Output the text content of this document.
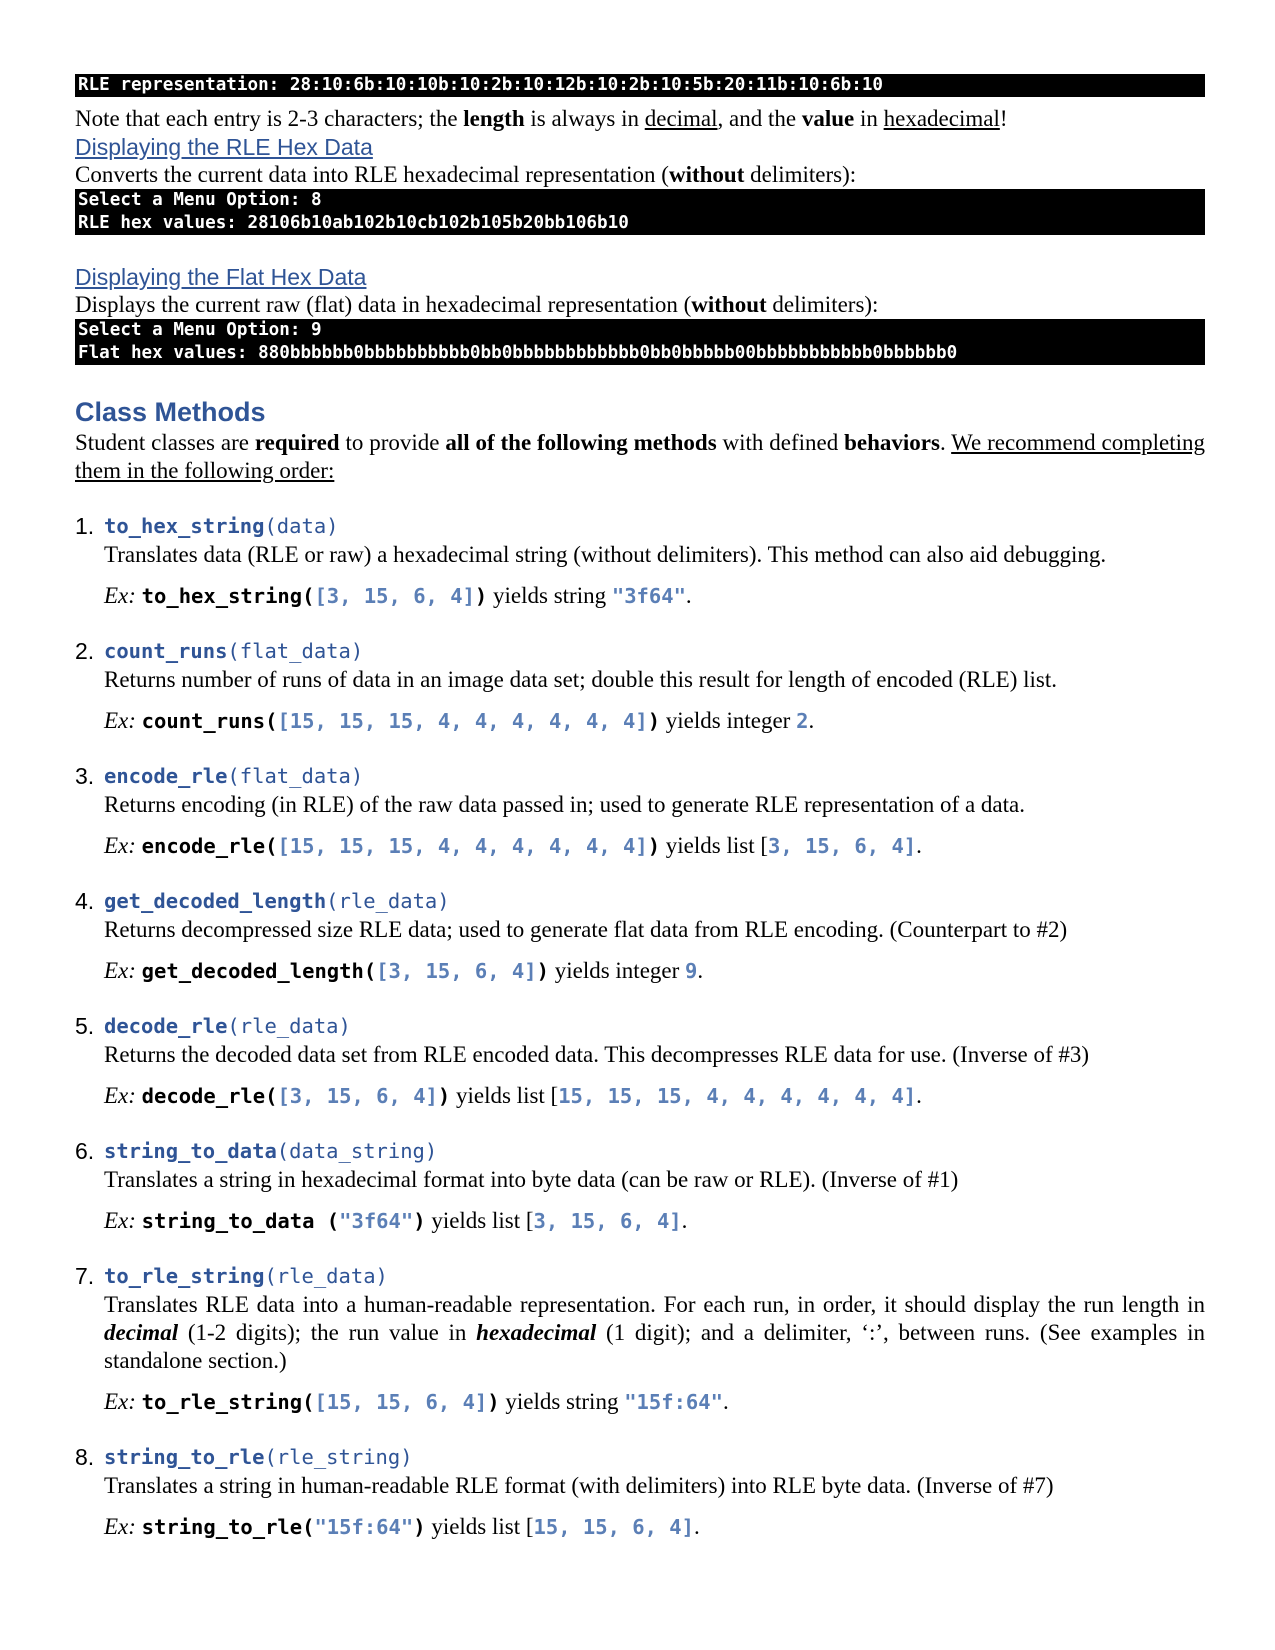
RLE representation: 28:10:6b:10:10b:10:2b:10:12b:10:2b:10:5b:20:11b:10:6b:10
Note that each entry is 2-3 characters; the length is always in decimal, and the value in hexadecimal!
Displaying the RLE Hex Data
Converts the current data into RLE hexadecimal representation (without delimiters):
Select a Menu Option: 8
RLE hex values: 28106b10ab102b10cb102b105b20bb106b10
Displaying the Flat Hex Data
Displays the current raw (flat) data in hexadecimal representation (without delimiters):
Select a Menu Option: 9
Flat hex values: 880bbbbbb0bbbbbbbbbb0bb0bbbbbbbbbbbb0bb0bbbbb00bbbbbbbbbbb0bbbbbb0
Class Methods
Student classes are required to provide all of the following methods with defined behaviors. We recommend completing them in the following order:
1. to_hex_string(data)
Translates data (RLE or raw) a hexadecimal string (without delimiters). This method can also aid debugging.
Ex: to_hex_string([3, 15, 6, 4]) yields string "3f64".
2. count_runs(flat_data)
Returns number of runs of data in an image data set; double this result for length of encoded (RLE) list.
Ex: count_runs([15, 15, 15, 4, 4, 4, 4, 4, 4]) yields integer 2.
3. encode_rle(flat_data)
Returns encoding (in RLE) of the raw data passed in; used to generate RLE representation of a data.
Ex: encode_rle([15, 15, 15, 4, 4, 4, 4, 4, 4]) yields list [3, 15, 6, 4].
4. get_decoded_length(rle_data)
Returns decompressed size RLE data; used to generate flat data from RLE encoding. (Counterpart to #2)
Ex: get_decoded_length([3, 15, 6, 4]) yields integer 9.
5. decode_rle(rle_data)
Returns the decoded data set from RLE encoded data. This decompresses RLE data for use. (Inverse of #3)
Ex: decode_rle([3, 15, 6, 4]) yields list [15, 15, 15, 4, 4, 4, 4, 4, 4].
6. string_to_data(data_string)
Translates a string in hexadecimal format into byte data (can be raw or RLE). (Inverse of #1)
Ex: string_to_data ("3f64") yields list [3, 15, 6, 4].
7. to_rle_string(rle_data)
Translates RLE data into a human-readable representation. For each run, in order, it should display the run length in decimal (1-2 digits); the run value in hexadecimal (1 digit); and a delimiter, ‘:’, between runs. (See examples in standalone section.)
Ex: to_rle_string([15, 15, 6, 4]) yields string "15f:64".
8. string_to_rle(rle_string)
Translates a string in human-readable RLE format (with delimiters) into RLE byte data. (Inverse of #7)
Ex: string_to_rle("15f:64") yields list [15, 15, 6, 4].
